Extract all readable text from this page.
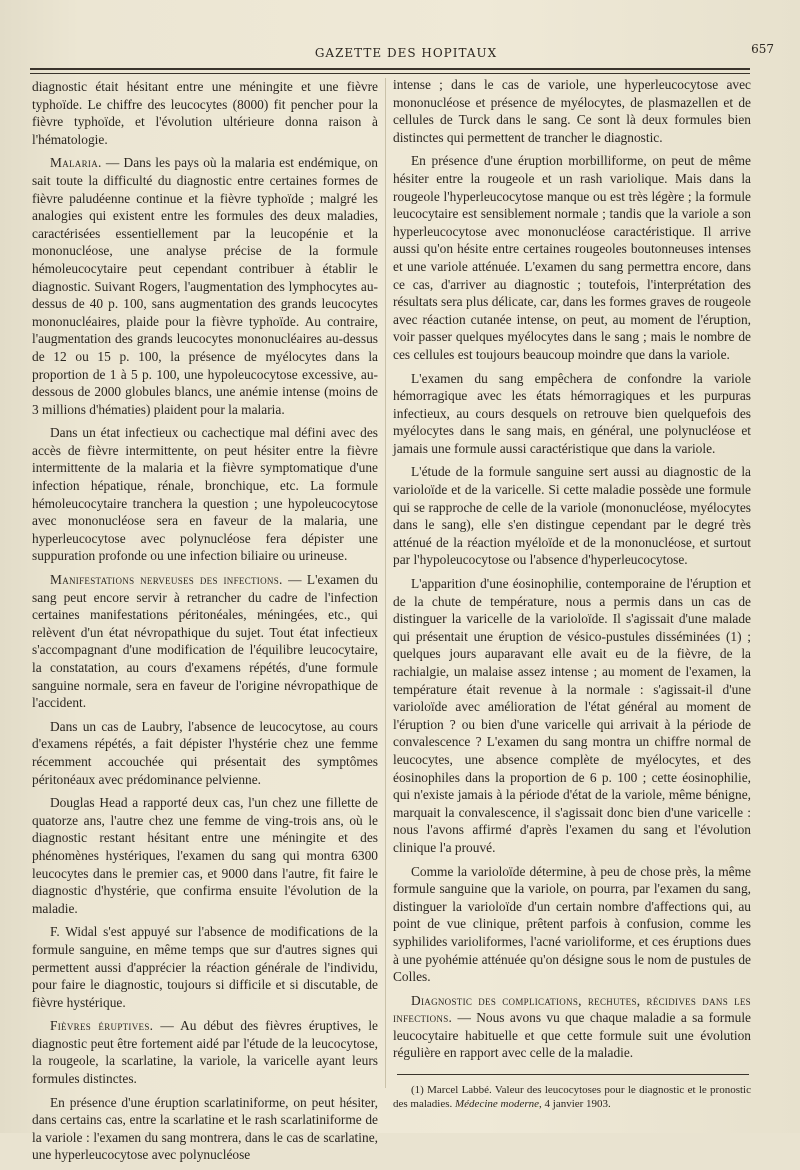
GAZETTE DES HOPITAUX	657

diagnostic était hésitant entre une méningite et une fièvre typhoïde. Le chiffre des leucocytes (8000) fit pencher pour la fièvre typhoïde, et l'évolution ultérieure donna raison à l'hématologie.

Malaria. — Dans les pays où la malaria est endémique, on sait toute la difficulté du diagnostic entre certaines formes de fièvre paludéenne continue et la fièvre typhoïde ; malgré les analogies qui existent entre les formules des deux maladies, caractérisées essentiellement par la leucopénie et la mononucléose, une analyse précise de la formule hémoleucocytaire peut cependant contribuer à établir le diagnostic. Suivant Rogers, l'augmentation des lymphocytes au-dessus de 40 p. 100, sans augmentation des grands leucocytes mononucléaires, plaide pour la fièvre typhoïde. Au contraire, l'augmentation des grands leucocytes mononucléaires au-dessus de 12 ou 15 p. 100, la présence de myélocytes dans la proportion de 1 à 5 p. 100, une hypoleucocytose excessive, au-dessous de 2000 globules blancs, une anémie intense (moins de 3 millions d'hématies) plaident pour la malaria.

Dans un état infectieux ou cachectique mal défini avec des accès de fièvre intermittente, on peut hésiter entre la fièvre intermittente de la malaria et la fièvre symptomatique d'une infection hépatique, rénale, bronchique, etc. La formule hémoleucocytaire tranchera la question ; une hypoleucocytose avec mononucléose sera en faveur de la malaria, une hyperleucocytose avec polynucléose fera dépister une suppuration profonde ou une infection biliaire ou urineuse.

Manifestations nerveuses des infections. — L'examen du sang peut encore servir à retrancher du cadre de l'infection certaines manifestations péritonéales, méningées, etc., qui relèvent d'un état névropathique du sujet. Tout état infectieux s'accompagnant d'une modification de l'équilibre leucocytaire, la constatation, au cours d'examens répétés, d'une formule sanguine normale, sera en faveur de l'origine névropathique de l'accident.

Dans un cas de Laubry, l'absence de leucocytose, au cours d'examens répétés, a fait dépister l'hystérie chez une femme récemment accouchée qui présentait des symptômes péritonéaux avec prédominance pelvienne.

Douglas Head a rapporté deux cas, l'un chez une fillette de quatorze ans, l'autre chez une femme de ving-trois ans, où le diagnostic restant hésitant entre une méningite et des phénomènes hystériques, l'examen du sang qui montra 6300 leucocytes dans le premier cas, et 9000 dans l'autre, fit faire le diagnostic d'hystérie, que confirma ensuite l'évolution de la maladie.

F. Widal s'est appuyé sur l'absence de modifications de la formule sanguine, en même temps que sur d'autres signes qui permettent aussi d'apprécier la réaction générale de l'individu, pour faire le diagnostic, toujours si difficile et si discutable, de fièvre hystérique.

Fièvres éruptives. — Au début des fièvres éruptives, le diagnostic peut être fortement aidé par l'étude de la leucocytose, la rougeole, la scarlatine, la variole, la varicelle ayant leurs formules distinctes.

En présence d'une éruption scarlatiniforme, on peut hésiter, dans certains cas, entre la scarlatine et le rash scarlatiniforme de la variole : l'examen du sang montrera, dans le cas de scarlatine, une hyperleucocytose avec polynucléose

intense ; dans le cas de variole, une hyperleucocytose avec mononucléose et présence de myélocytes, de plasmazellen et de cellules de Turck dans le sang. Ce sont là deux formules bien distinctes qui permettent de trancher le diagnostic.

En présence d'une éruption morbilliforme, on peut de même hésiter entre la rougeole et un rash variolique. Mais dans la rougeole l'hyperleucocytose manque ou est très légère ; la formule leucocytaire est sensiblement normale ; tandis que la variole a son hyperleucocytose avec mononucléose caractéristique. Il arrive aussi qu'on hésite entre certaines rougeoles boutonneuses intenses et une variole atténuée. L'examen du sang permettra encore, dans ce cas, d'arriver au diagnostic ; toutefois, l'interprétation des résultats sera plus délicate, car, dans les formes graves de rougeole avec réaction cutanée intense, on peut, au moment de l'éruption, voir passer quelques myélocytes dans le sang ; mais le nombre de ces cellules est toujours beaucoup moindre que dans la variole.

L'examen du sang empêchera de confondre la variole hémorragique avec les états hémorragiques et les purpuras infectieux, au cours desquels on retrouve bien quelquefois des myélocytes dans le sang mais, en général, une polynucléose et jamais une formule aussi caractéristique que dans la variole.

L'étude de la formule sanguine sert aussi au diagnostic de la varioloïde et de la varicelle. Si cette maladie possède une formule qui se rapproche de celle de la variole (mononucléose, myélocytes dans le sang), elle s'en distingue cependant par le degré très atténué de la réaction myéloïde et de la mononucléose, et surtout par l'hypoleucocytose ou l'absence d'hyperleucocytose.

L'apparition d'une éosinophilie, contemporaine de l'éruption et de la chute de température, nous a permis dans un cas de distinguer la varicelle de la varioloïde. Il s'agissait d'une malade qui présentait une éruption de vésico-pustules disséminées (1) ; quelques jours auparavant elle avait eu de la fièvre, de la rachialgie, un malaise assez intense ; au moment de l'examen, la température était revenue à la normale : s'agissait-il d'une varioloïde avec amélioration de l'état général au moment de l'éruption ? ou bien d'une varicelle qui arrivait à la période de convalescence ? L'examen du sang montra un chiffre normal de leucocytes, une absence complète de myélocytes, et des éosinophiles dans la proportion de 6 p. 100 ; cette éosinophilie, qui n'existe jamais à la période d'état de la variole, même bénigne, marquait la convalescence, il s'agissait donc bien d'une varicelle : nous l'avons affirmé d'après l'examen du sang et l'évolution clinique l'a prouvé.

Comme la varioloïde détermine, à peu de chose près, la même formule sanguine que la variole, on pourra, par l'examen du sang, distinguer la varioloïde d'un certain nombre d'affections qui, au point de vue clinique, prêtent parfois à confusion, comme les syphilides varioliformes, l'acné varioliforme, et ces éruptions dues à une pyohémie atténuée qu'on désigne sous le nom de pustules de Colles.

Diagnostic des complications, rechutes, récidives dans les infections. — Nous avons vu que chaque maladie a sa formule leucocytaire habituelle et que cette formule suit une évolution régulière en rapport avec celle de la maladie.

(1) Marcel Labbé. Valeur des leucocytoses pour le diagnostic et le pronostic des maladies. Médecine moderne, 4 janvier 1903.
